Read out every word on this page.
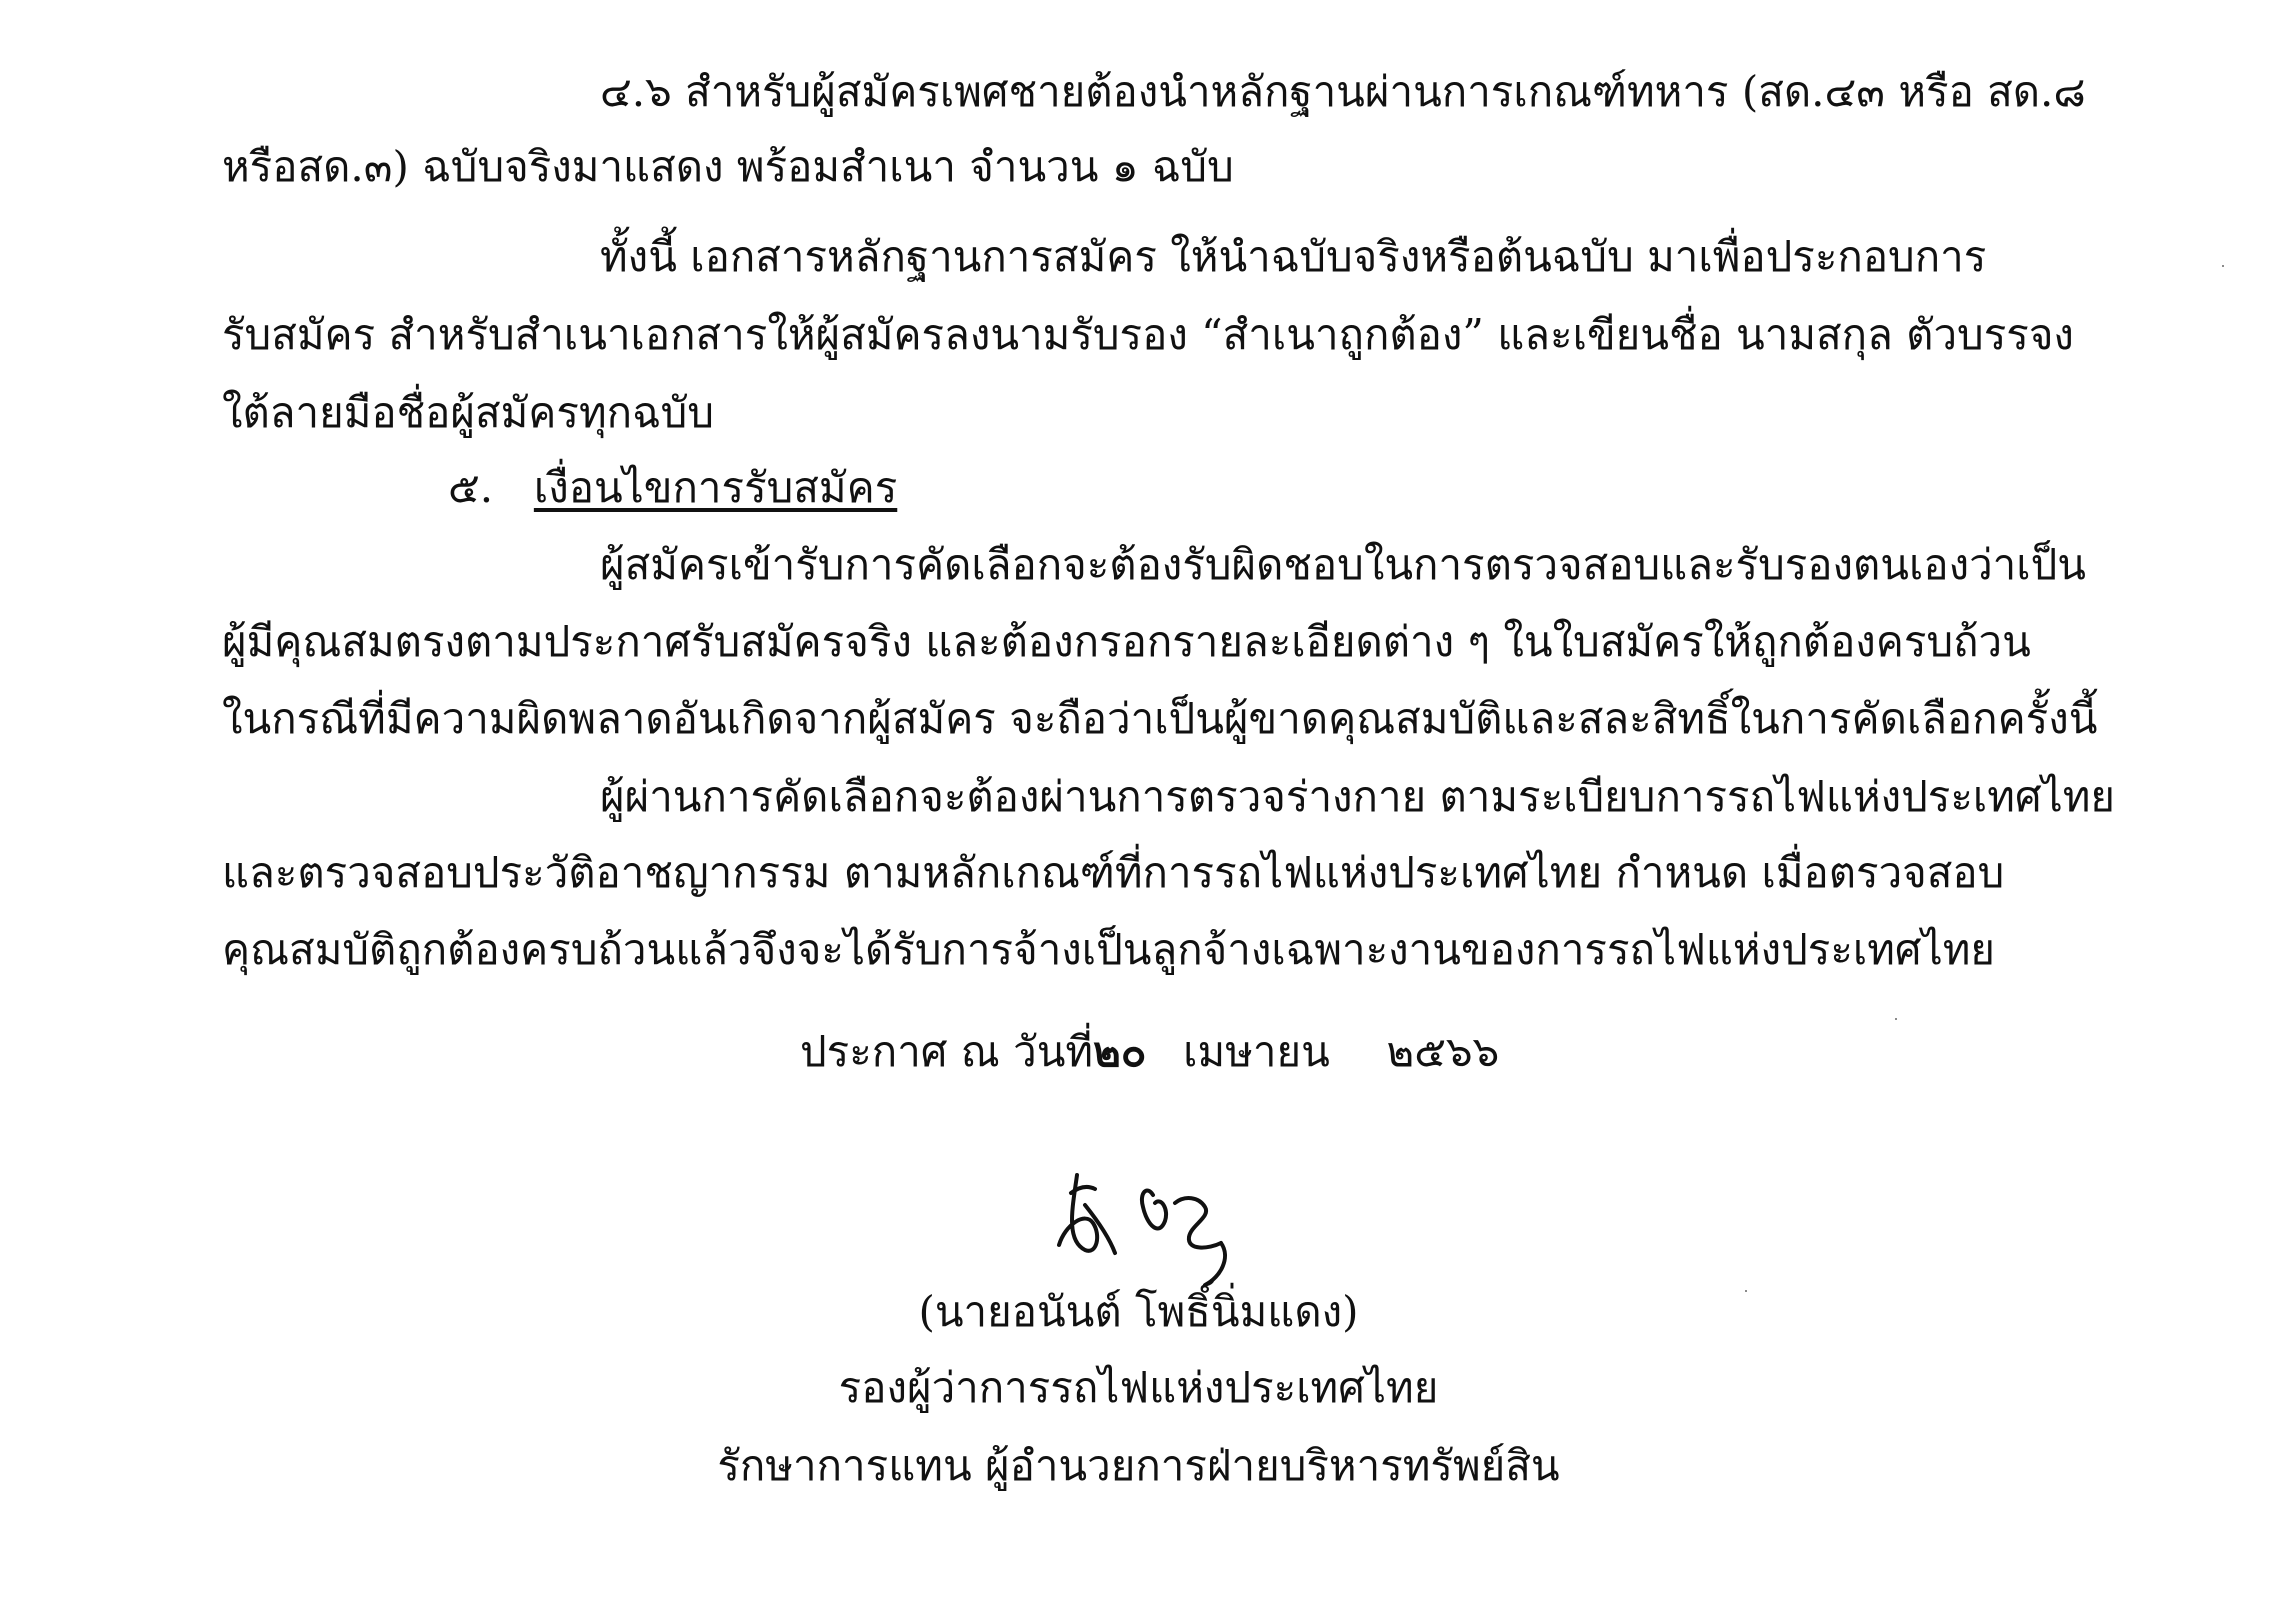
๔.๖ สำหรับผู้สมัครเพศชายต้องนำหลักฐานผ่านการเกณฑ์ทหาร (สด.๔๓ หรือ สด.๘
หรือสด.๓) ฉบับจริงมาแสดง พร้อมสำเนา จำนวน ๑ ฉบับ
ทั้งนี้ เอกสารหลักฐานการสมัคร ให้นำฉบับจริงหรือต้นฉบับ มาเพื่อประกอบการ
รับสมัคร สำหรับสำเนาเอกสารให้ผู้สมัครลงนามรับรอง “สำเนาถูกต้อง” และเขียนชื่อ นามสกุล ตัวบรรจง
ใต้ลายมือชื่อผู้สมัครทุกฉบับ
๕. เงื่อนไขการรับสมัคร
ผู้สมัครเข้ารับการคัดเลือกจะต้องรับผิดชอบในการตรวจสอบและรับรองตนเองว่าเป็น
ผู้มีคุณสมตรงตามประกาศรับสมัครจริง และต้องกรอกรายละเอียดต่าง ๆ ในใบสมัครให้ถูกต้องครบถ้วน
ในกรณีที่มีความผิดพลาดอันเกิดจากผู้สมัคร จะถือว่าเป็นผู้ขาดคุณสมบัติและสละสิทธิ์ในการคัดเลือกครั้งนี้
ผู้ผ่านการคัดเลือกจะต้องผ่านการตรวจร่างกาย ตามระเบียบการรถไฟแห่งประเทศไทย
และตรวจสอบประวัติอาชญากรรม ตามหลักเกณฑ์ที่การรถไฟแห่งประเทศไทย กำหนด เมื่อตรวจสอบ
คุณสมบัติถูกต้องครบถ้วนแล้วจึงจะได้รับการจ้างเป็นลูกจ้างเฉพาะงานของการรถไฟแห่งประเทศไทย
ประกาศ ณ วันที่๒๐ เมษายน ๒๕๖๖
(นายอนันต์ โพธิ์นิ่มแดง)
รองผู้ว่าการรถไฟแห่งประเทศไทย
รักษาการแทน ผู้อำนวยการฝ่ายบริหารทรัพย์สิน
